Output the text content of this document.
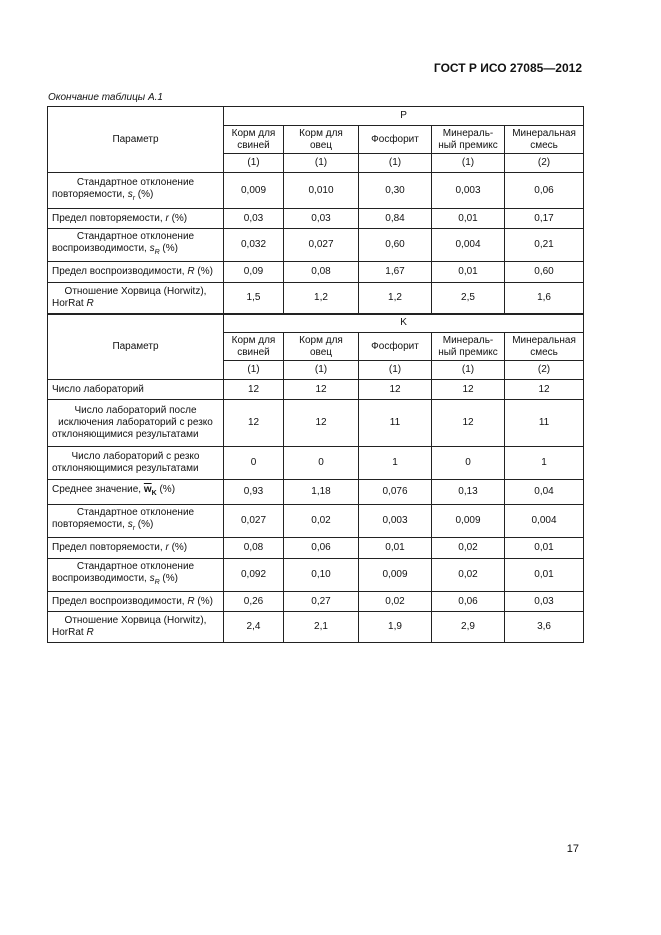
ГОСТ Р ИСО 27085—2012
Окончание таблицы А.1
Параметр	P				
	Корм для свиней	Корм для овец	Фосфорит	Минераль-ный премикс	Минеральная смесь
	(1)	(1)	(1)	(1)	(2)
Стандартное отклонение повторяемости, $s_r$ (%)	0,009	0,010	0,30	0,003	0,06
Предел повторяемости, r (%)	0,03	0,03	0,84	0,01	0,17
Стандартное отклонение воспроизводимости, $s_R$ (%)	0,032	0,027	0,60	0,004	0,21
Предел воспроизводимости, R (%)	0,09	0,08	1,67	0,01	0,60
Отношение Хорвица (Horwitz), HorRat R	1,5	1,2	1,2	2,5	1,6
Параметр	K				
	Корм для свиней	Корм для овец	Фосфорит	Минераль-ный премикс	Минеральная смесь
	(1)	(1)	(1)	(1)	(2)
Число лабораторий	12	12	12	12	12
Число лабораторий после исключения лабораторий с резко отклоняющимися результатами	12	12	11	12	11
Число лабораторий с резко отклоняющимися результатами	0	0	1	0	1
Среднее значение, $\overline{w}_K$ (%)	0,93	1,18	0,076	0,13	0,04
Стандартное отклонение повторяемости, $s_r$ (%)	0,027	0,02	0,003	0,009	0,004
Предел повторяемости, r (%)	0,08	0,06	0,01	0,02	0,01
Стандартное отклонение воспроизводимости, $s_R$ (%)	0,092	0,10	0,009	0,02	0,01
Предел воспроизводимости, R (%)	0,26	0,27	0,02	0,06	0,03
Отношение Хорвица (Horwitz), HorRat R	2,4	2,1	1,9	2,9	3,6
17
